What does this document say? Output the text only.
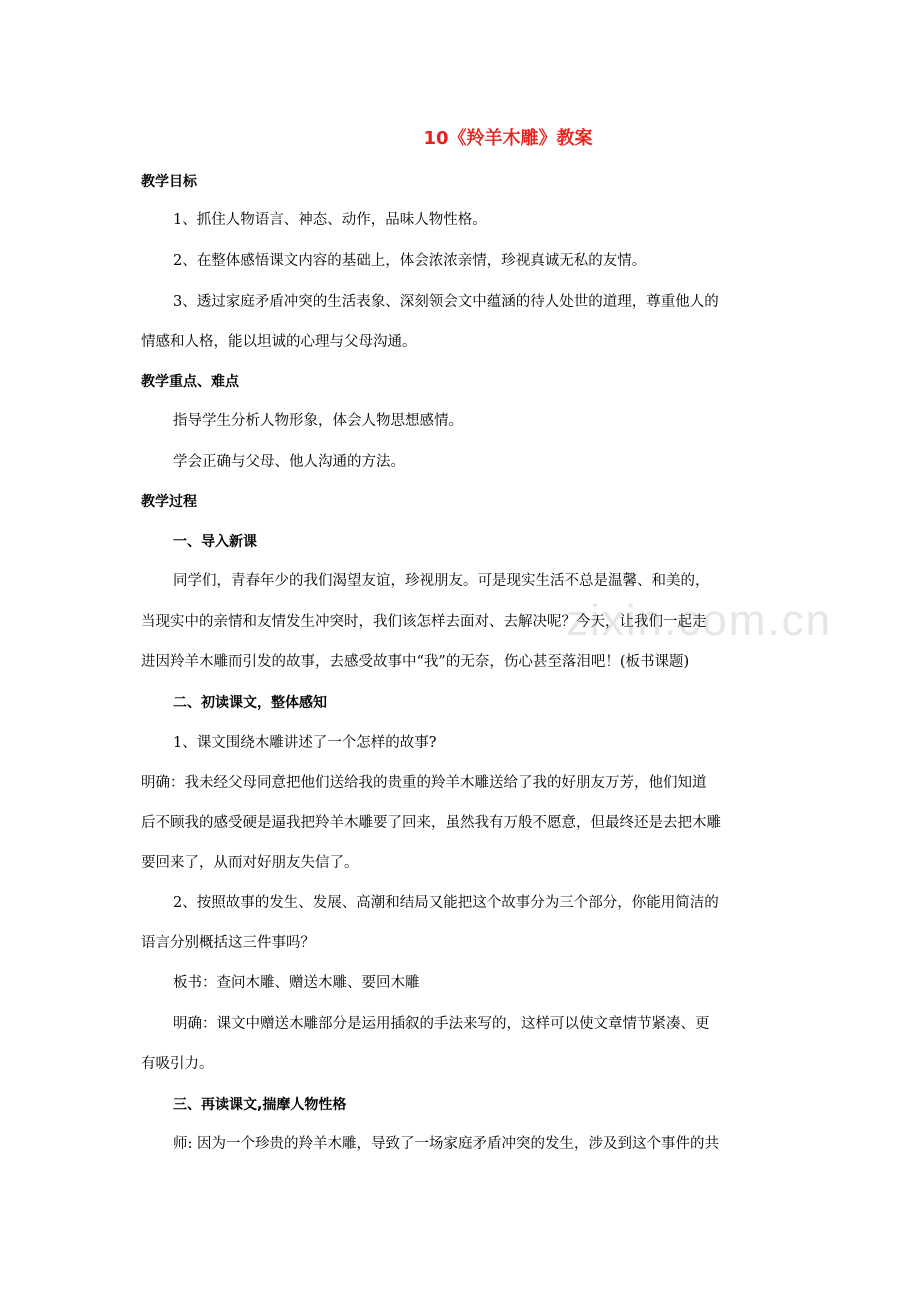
zixin.com.cn
10《羚羊木雕》教案
教学目标
1、抓住人物语言、神态、动作，品味人物性格。
2、在整体感悟课文内容的基础上，体会浓浓亲情，珍视真诚无私的友情。
3、透过家庭矛盾冲突的生活表象、深刻领会文中蕴涵的待人处世的道理，尊重他人的
情感和人格，能以坦诚的心理与父母沟通。
教学重点、难点
指导学生分析人物形象，体会人物思想感情。
学会正确与父母、他人沟通的方法。
教学过程
一、导入新课
同学们，青春年少的我们渴望友谊，珍视朋友。可是现实生活不总是温馨、和美的，
当现实中的亲情和友情发生冲突时，我们该怎样去面对、去解决呢？今天，让我们一起走
进因羚羊木雕而引发的故事，去感受故事中“我”的无奈，伤心甚至落泪吧！(板书课题)
二、初读课文，整体感知
1、课文围绕木雕讲述了一个怎样的故事?
明确：我未经父母同意把他们送给我的贵重的羚羊木雕送给了我的好朋友万芳，他们知道
后不顾我的感受硬是逼我把羚羊木雕要了回来，虽然我有万般不愿意，但最终还是去把木雕
要回来了，从而对好朋友失信了。
2、按照故事的发生、发展、高潮和结局又能把这个故事分为三个部分，你能用简洁的
语言分别概括这三件事吗？
板书：查问木雕、赠送木雕、要回木雕
明确：课文中赠送木雕部分是运用插叙的手法来写的，这样可以使文章情节紧凑、更
有吸引力。
三、再读课文,揣摩人物性格
师: 因为一个珍贵的羚羊木雕，导致了一场家庭矛盾冲突的发生，涉及到这个事件的共
